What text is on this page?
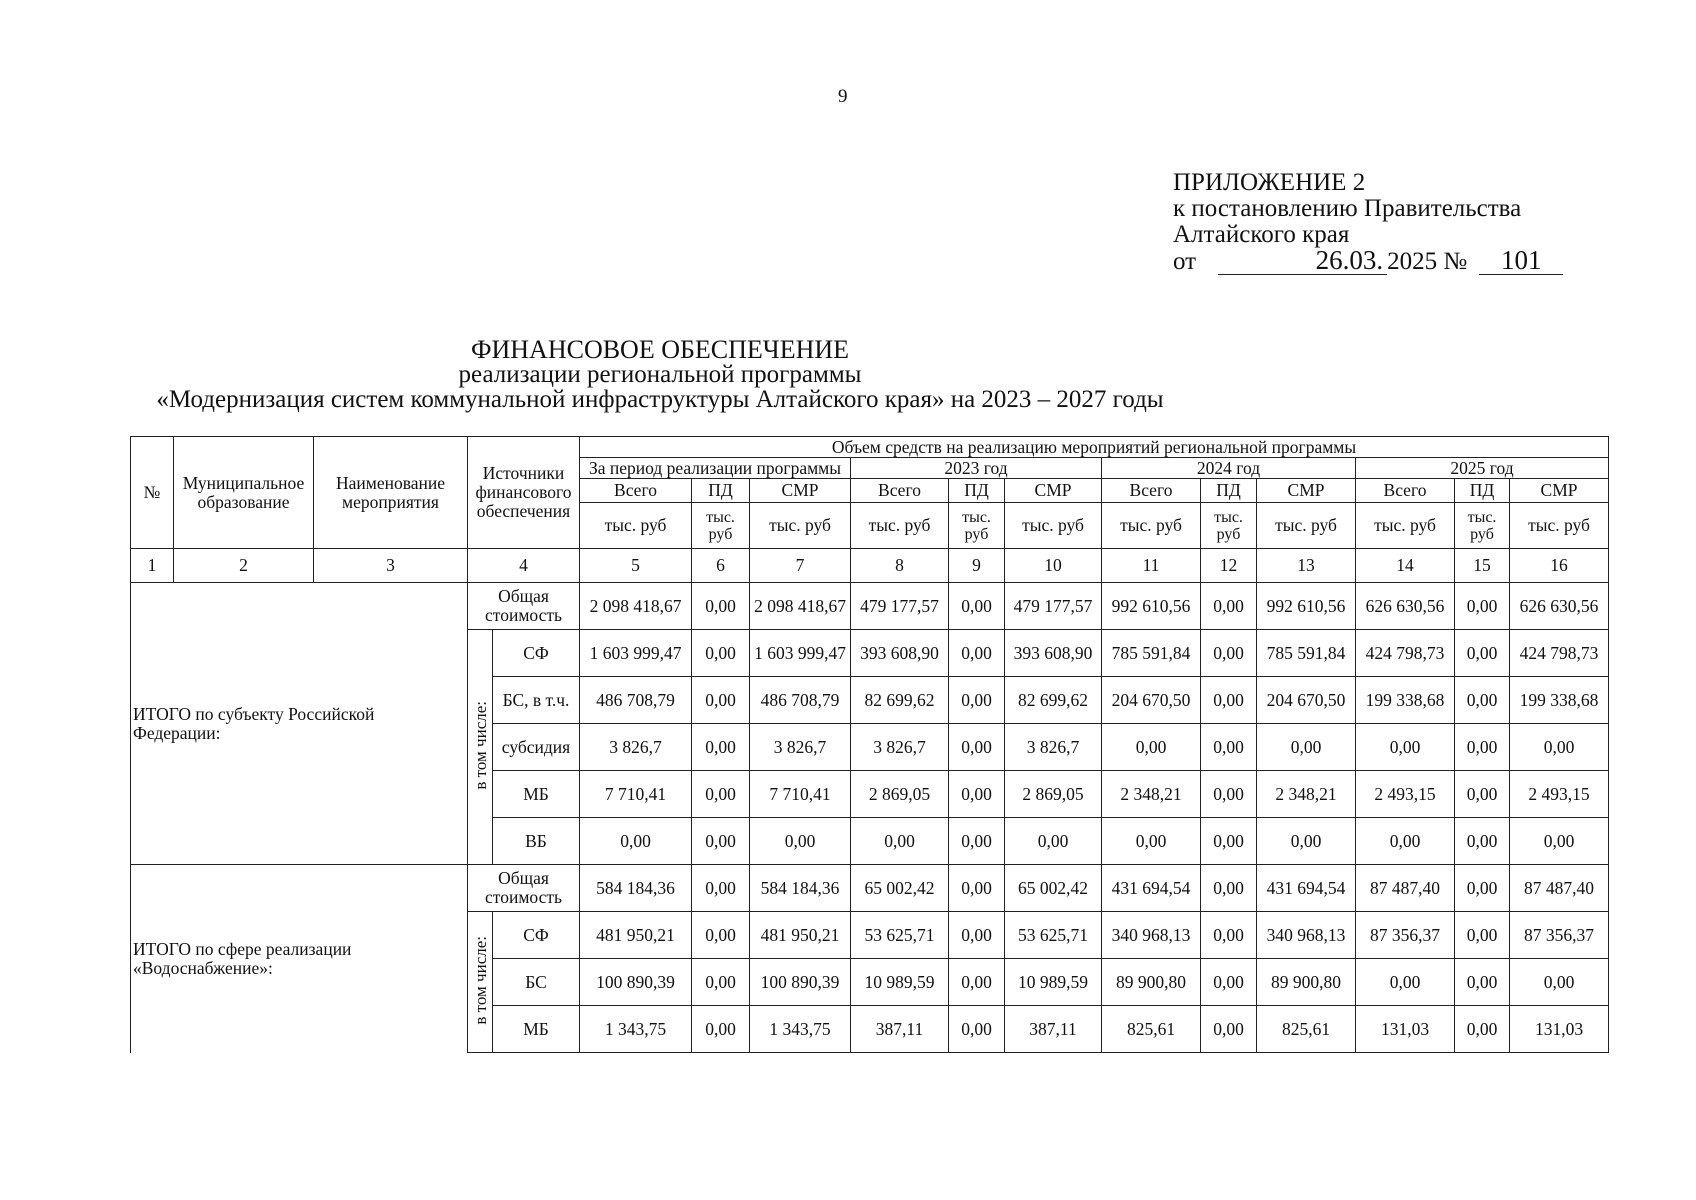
9
ПРИЛОЖЕНИЕ 2
к постановлению Правительства
Алтайского края
от	26.03. 2025 № 101
ФИНАНСОВОЕ ОБЕСПЕЧЕНИЕ
реализации региональной программы
«Модернизация систем коммунальной инфраструктуры Алтайского края» на 2023 – 2027 годы
№	Муниципальное образование	Наименование мероприятия	Источники финансового обеспечения		Объем средств на реализацию мероприятий региональной программы											
					За период реализации программы			2023 год			2024 год			2025 год		
					Всего	ПД	СМР	Всего	ПД	СМР	Всего	ПД	СМР	Всего	ПД	СМР
					тыс. руб	тыс. руб	тыс. руб	тыс. руб	тыс. руб	тыс. руб	тыс. руб	тыс. руб	тыс. руб	тыс. руб	тыс. руб	тыс. руб
1	2	3	4		5	6	7	8	9	10	11	12	13	14	15	16
ИТОГО по субъекту Российской Федерации:			Общая стоимость		2 098 418,67	0,00	2 098 418,67	479 177,57	0,00	479 177,57	992 610,56	0,00	992 610,56	626 630,56	0,00	626 630,56
			в том числе:	СФ	1 603 999,47	0,00	1 603 999,47	393 608,90	0,00	393 608,90	785 591,84	0,00	785 591,84	424 798,73	0,00	424 798,73
				БС, в т.ч.	486 708,79	0,00	486 708,79	82 699,62	0,00	82 699,62	204 670,50	0,00	204 670,50	199 338,68	0,00	199 338,68
				субсидия	3 826,7	0,00	3 826,7	3 826,7	0,00	3 826,7	0,00	0,00	0,00	0,00	0,00	0,00
				МБ	7 710,41	0,00	7 710,41	2 869,05	0,00	2 869,05	2 348,21	0,00	2 348,21	2 493,15	0,00	2 493,15
				ВБ	0,00	0,00	0,00	0,00	0,00	0,00	0,00	0,00	0,00	0,00	0,00	0,00
ИТОГО по сфере реализации «Водоснабжение»:			Общая стоимость		584 184,36	0,00	584 184,36	65 002,42	0,00	65 002,42	431 694,54	0,00	431 694,54	87 487,40	0,00	87 487,40
			в том числе:	СФ	481 950,21	0,00	481 950,21	53 625,71	0,00	53 625,71	340 968,13	0,00	340 968,13	87 356,37	0,00	87 356,37
				БС	100 890,39	0,00	100 890,39	10 989,59	0,00	10 989,59	89 900,80	0,00	89 900,80	0,00	0,00	0,00
				МБ	1 343,75	0,00	1 343,75	387,11	0,00	387,11	825,61	0,00	825,61	131,03	0,00	131,03
